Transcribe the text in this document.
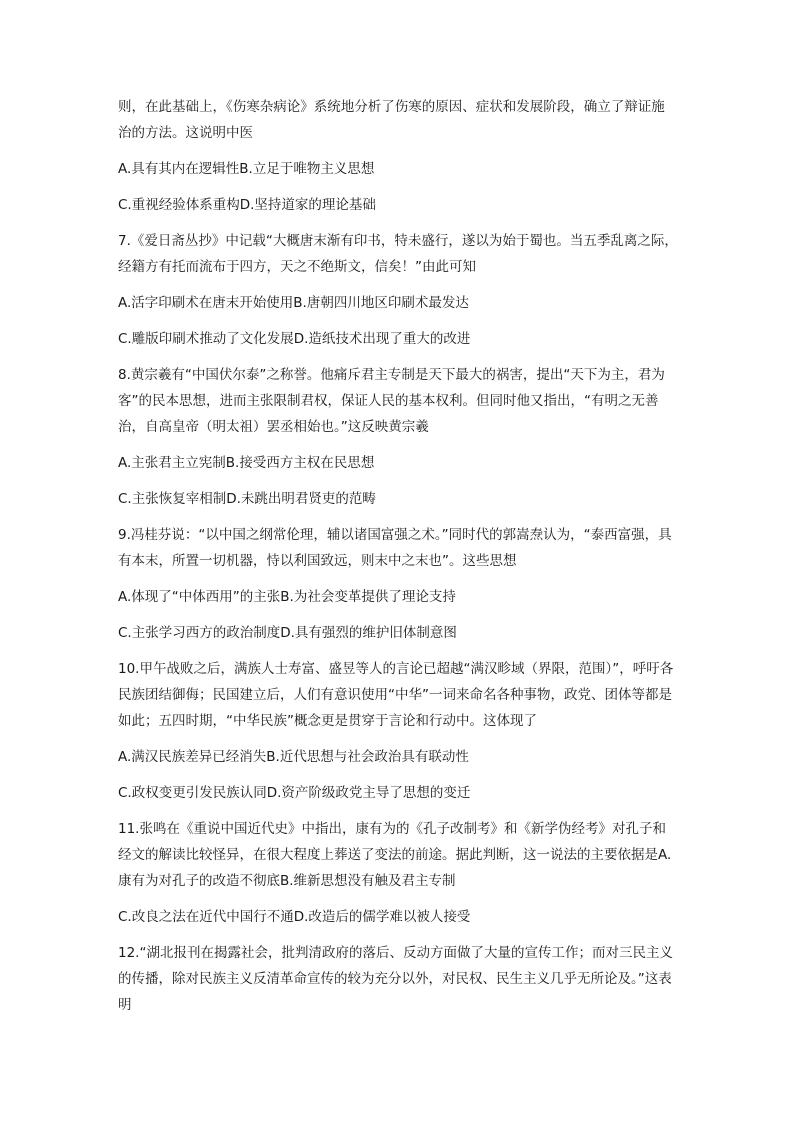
则，在此基础上，《伤寒杂病论》系统地分析了伤寒的原因、症状和发展阶段，确立了辩证施治的方法。这说明中医

A.具有其内在逻辑性B.立足于唯物主义思想

C.重视经验体系重构D.坚持道家的理论基础

7.《爱日斋丛抄》中记载“大概唐末渐有印书，特未盛行，遂以为始于蜀也。当五季乱离之际，经籍方有托而流布于四方，天之不绝斯文，信矣！”由此可知

A.活字印刷术在唐末开始使用B.唐朝四川地区印刷术最发达

C.雕版印刷术推动了文化发展D.造纸技术出现了重大的改进

8.黄宗羲有“中国伏尔泰”之称誉。他痛斥君主专制是天下最大的祸害，提出“天下为主，君为客”的民本思想，进而主张限制君权，保证人民的基本权利。但同时他又指出，“有明之无善治，自高皇帝（明太祖）罢丞相始也。”这反映黄宗羲

A.主张君主立宪制B.接受西方主权在民思想

C.主张恢复宰相制D.未跳出明君贤吏的范畴

9.冯桂芬说：“以中国之纲常伦理，辅以诸国富强之术。”同时代的郭嵩焘认为，“泰西富强，具有本末，所置一切机器，恃以利国致远，则末中之末也”。这些思想

A.体现了“中体西用”的主张B.为社会变革提供了理论支持

C.主张学习西方的政治制度D.具有强烈的维护旧体制意图

10.甲午战败之后，满族人士寿富、盛昱等人的言论已超越“满汉畛域（界限，范围）”，呼吁各民族团结御侮；民国建立后，人们有意识使用“中华”一词来命名各种事物，政党、团体等都是如此；五四时期，“中华民族”概念更是贯穿于言论和行动中。这体现了

A.满汉民族差异已经消失B.近代思想与社会政治具有联动性

C.政权变更引发民族认同D.资产阶级政党主导了思想的变迁

11.张鸣在《重说中国近代史》中指出，康有为的《孔子改制考》和《新学伪经考》对孔子和经文的解读比较怪异，在很大程度上葬送了变法的前途。据此判断，这一说法的主要依据是A.康有为对孔子的改造不彻底B.维新思想没有触及君主专制

C.改良之法在近代中国行不通D.改造后的儒学难以被人接受

12.“湖北报刊在揭露社会，批判清政府的落后、反动方面做了大量的宣传工作；而对三民主义的传播，除对民族主义反清革命宣传的较为充分以外，对民权、民生主义几乎无所论及。”这表明
